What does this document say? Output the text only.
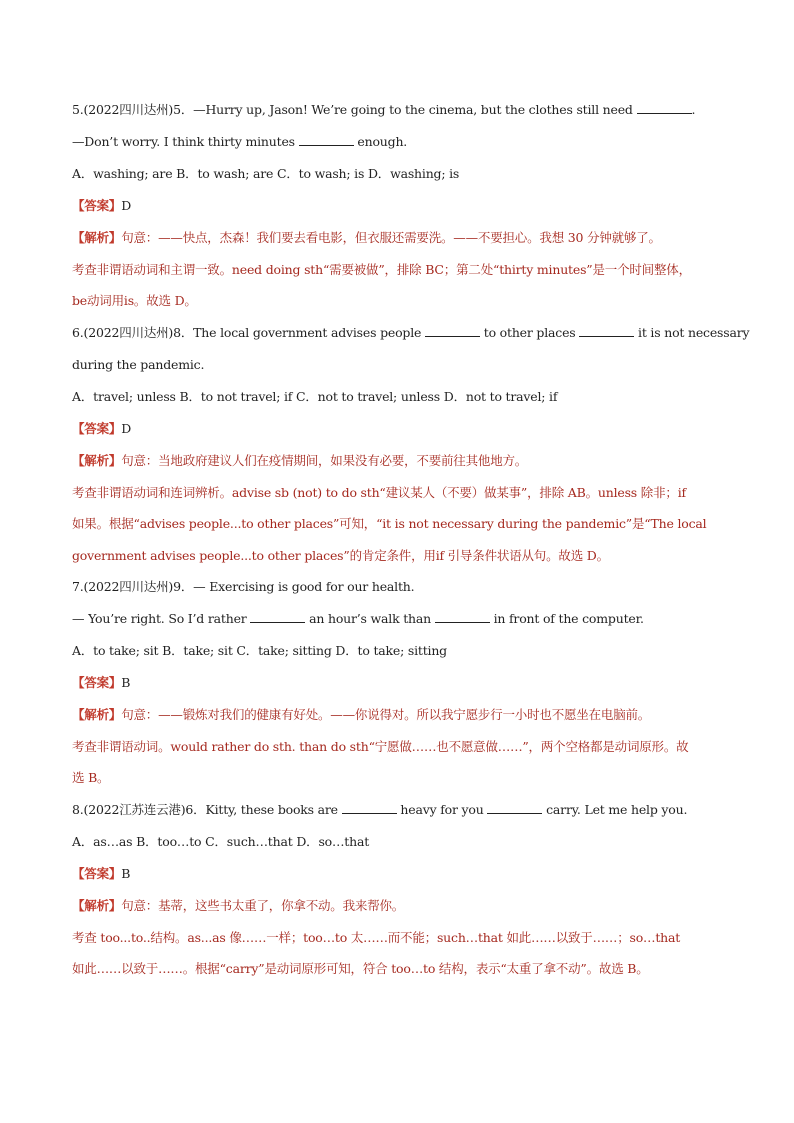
5.(2022四川达州)5．—Hurry up, Jason! We’re going to the cinema, but the clothes still need	.
—Don’t worry. I think thirty minutes	enough.
A．washing; are B．to wash; are C．to wash; is D．washing; is
【答案】D
【解析】句意：——快点，杰森！我们要去看电影，但衣服还需要洗。——不要担心。我想 30 分钟就够了。
考查非谓语动词和主谓一致。need doing sth“需要被做”，排除 BC；第二处“thirty minutes”是一个时间整体，
be动词用is。故选 D。
6.(2022四川达州)8．The local government advises people	to other places	it is not necessary
during the pandemic.
A．travel; unless B．to not travel; if C．not to travel; unless D．not to travel; if
【答案】D
【解析】句意：当地政府建议人们在疫情期间，如果没有必要，不要前往其他地方。
考查非谓语动词和连词辨析。advise sb (not) to do sth“建议某人（不要）做某事”，排除 AB。unless 除非；if
如果。根据“advises people...to other places”可知，“it is not necessary during the pandemic”是“The local
government advises people...to other places”的肯定条件，用if 引导条件状语从句。故选 D。
7.(2022四川达州)9．— Exercising is good for our health.
— You’re right. So I’d rather	an hour’s walk than	in front of the computer.
A．to take; sit B．take; sit C．take; sitting D．to take; sitting
【答案】B
【解析】句意：——锻炼对我们的健康有好处。——你说得对。所以我宁愿步行一小时也不愿坐在电脑前。
考查非谓语动词。would rather do sth. than do sth“宁愿做……也不愿意做……”，两个空格都是动词原形。故
选 B。
8.(2022江苏连云港)6．Kitty, these books are	heavy for you	carry. Let me help you.
A．as…as B．too…to C．such…that D．so…that
【答案】B
【解析】句意：基蒂，这些书太重了，你拿不动。我来帮你。
考查 too...to..结构。as...as 像……一样；too…to 太……而不能；such…that 如此……以致于……；so…that
如此……以致于……。根据“carry”是动词原形可知，符合 too…to 结构，表示“太重了拿不动”。故选 B。
